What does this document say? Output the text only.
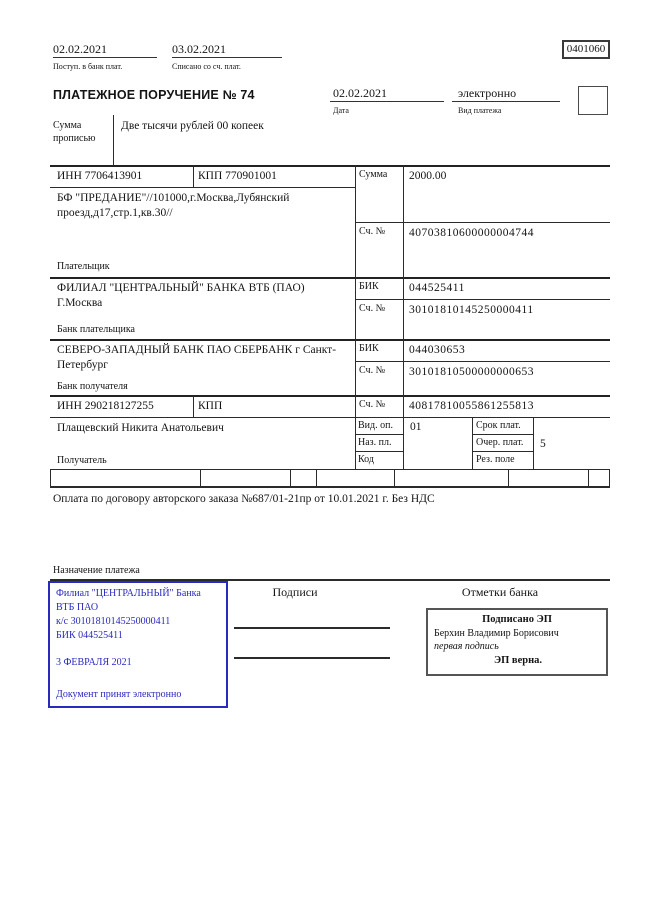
02.02.2021
Поступ. в банк плат.
03.02.2021
Списано со сч. плат.
0401060
ПЛАТЕЖНОЕ ПОРУЧЕНИЕ № 74	02.02.2021
Дата
электронно
Вид платежа
Сумма прописью
Две тысячи рублей 00 копеек
ИНН 7706413901	КПП 770901001	Сумма 2000.00
БФ "ПРЕДАНИЕ"//101000,г.Москва,Лубянский проезд,д17,стр.1,кв.30//
Сч. № 40703810600000004744
Плательщик
ФИЛИАЛ "ЦЕНТРАЛЬНЫЙ" БАНКА ВТБ (ПАО) Г.Москва
БИК	044525411
Сч. № 30101810145250000411
Банк плательщика
СЕВЕРО-ЗАПАДНЫЙ БАНК ПАО СБЕРБАНК г Санкт-Петербург
БИК	044030653
Сч. № 30101810500000000653
Банк получателя
ИНН 290218127255	КПП	Сч. № 40817810055861255813
Плащевский Никита Анатольевич
Получатель
Вид. оп. 01	Срок плат.
Наз. пл.	Очер. плат. 5
Код	Рез. поле
Оплата по договору авторского заказа №687/01-21пр от 10.01.2021 г. Без НДС
Назначение платежа
Филиал "ЦЕНТРАЛЬНЫЙ" Банка
ВТБ ПАО
к/с 30101810145250000411
БИК 044525411
3 ФЕВРАЛЯ 2021
Документ принят электронно
Подписи	Отметки банка
Подписано ЭП
Берхин Владимир Борисович
первая подпись
ЭП верна.
